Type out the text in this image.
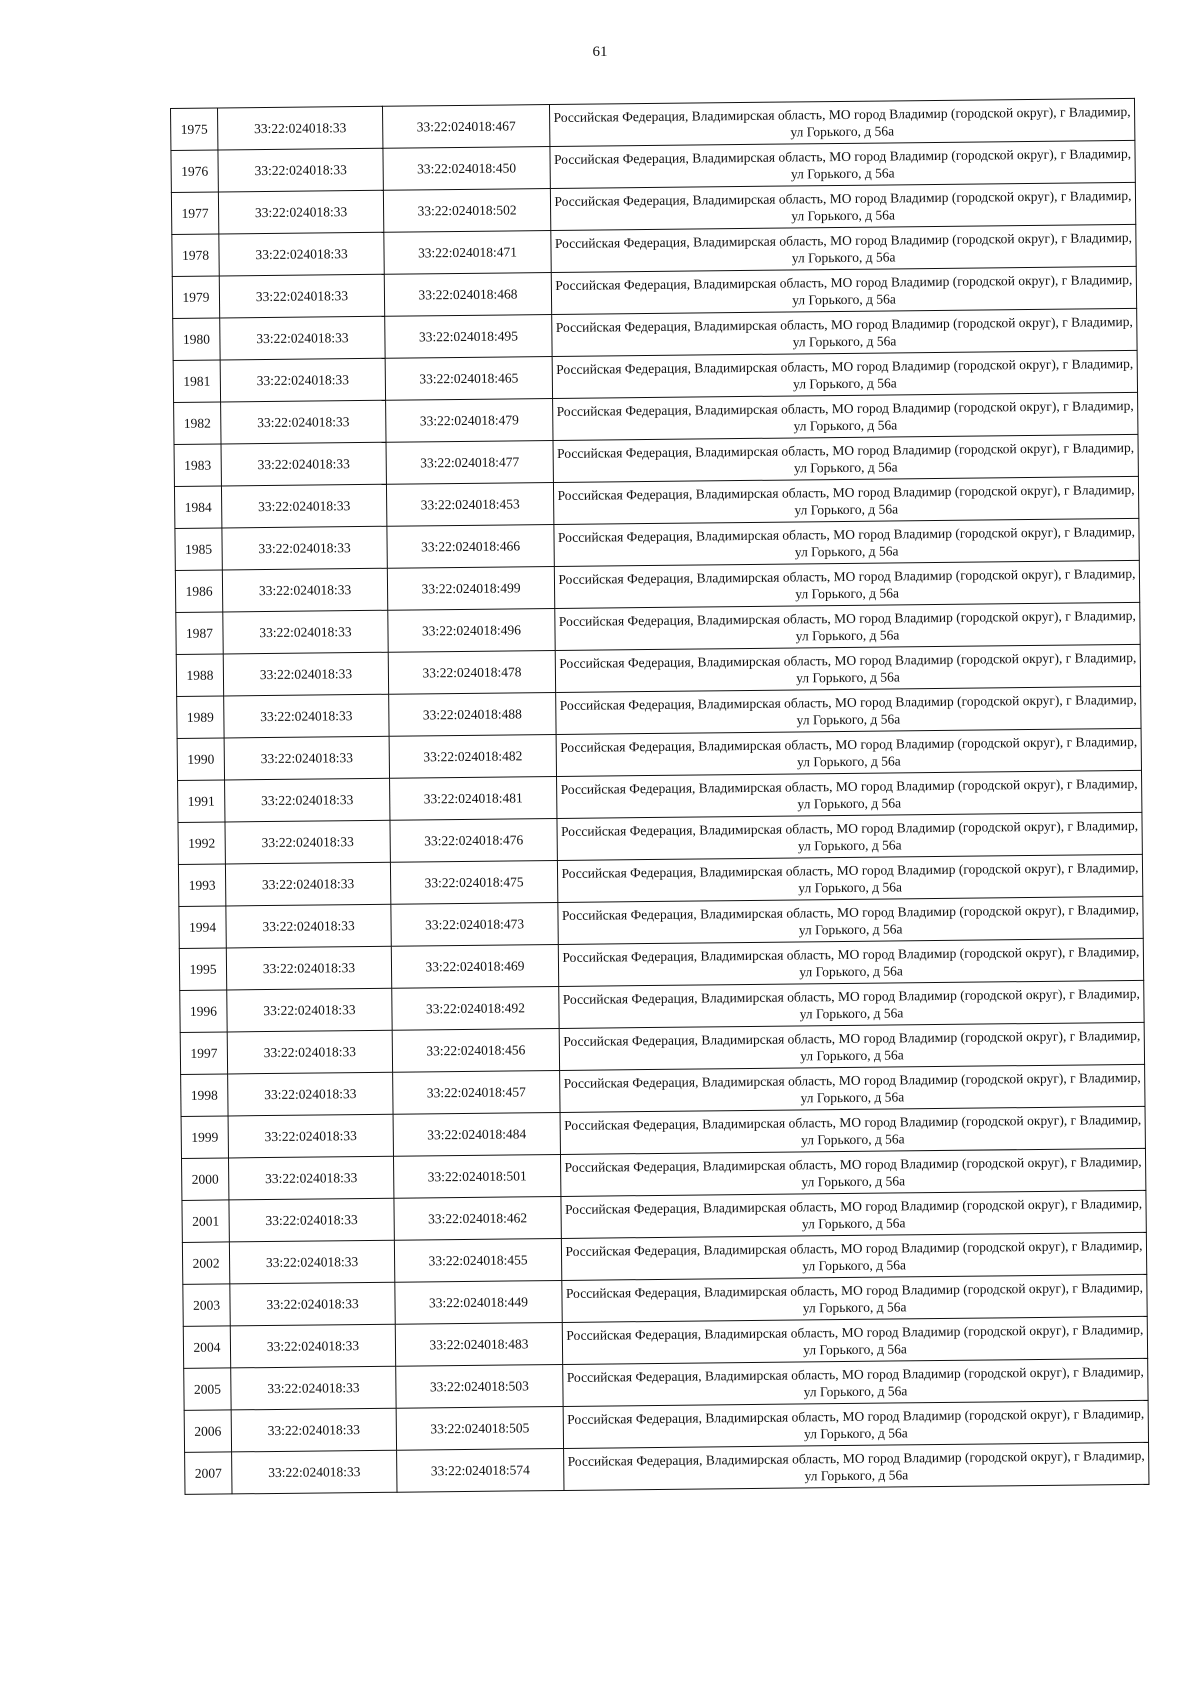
61
1975	33:22:024018:33	33:22:024018:467	Российская Федерация, Владимирская область, МО город Владимир (городской округ), г Владимир, ул Горького, д 56а
1976	33:22:024018:33	33:22:024018:450	Российская Федерация, Владимирская область, МО город Владимир (городской округ), г Владимир, ул Горького, д 56а
1977	33:22:024018:33	33:22:024018:502	Российская Федерация, Владимирская область, МО город Владимир (городской округ), г Владимир, ул Горького, д 56а
1978	33:22:024018:33	33:22:024018:471	Российская Федерация, Владимирская область, МО город Владимир (городской округ), г Владимир, ул Горького, д 56а
1979	33:22:024018:33	33:22:024018:468	Российская Федерация, Владимирская область, МО город Владимир (городской округ), г Владимир, ул Горького, д 56а
1980	33:22:024018:33	33:22:024018:495	Российская Федерация, Владимирская область, МО город Владимир (городской округ), г Владимир, ул Горького, д 56а
1981	33:22:024018:33	33:22:024018:465	Российская Федерация, Владимирская область, МО город Владимир (городской округ), г Владимир, ул Горького, д 56а
1982	33:22:024018:33	33:22:024018:479	Российская Федерация, Владимирская область, МО город Владимир (городской округ), г Владимир, ул Горького, д 56а
1983	33:22:024018:33	33:22:024018:477	Российская Федерация, Владимирская область, МО город Владимир (городской округ), г Владимир, ул Горького, д 56а
1984	33:22:024018:33	33:22:024018:453	Российская Федерация, Владимирская область, МО город Владимир (городской округ), г Владимир, ул Горького, д 56а
1985	33:22:024018:33	33:22:024018:466	Российская Федерация, Владимирская область, МО город Владимир (городской округ), г Владимир, ул Горького, д 56а
1986	33:22:024018:33	33:22:024018:499	Российская Федерация, Владимирская область, МО город Владимир (городской округ), г Владимир, ул Горького, д 56а
1987	33:22:024018:33	33:22:024018:496	Российская Федерация, Владимирская область, МО город Владимир (городской округ), г Владимир, ул Горького, д 56а
1988	33:22:024018:33	33:22:024018:478	Российская Федерация, Владимирская область, МО город Владимир (городской округ), г Владимир, ул Горького, д 56а
1989	33:22:024018:33	33:22:024018:488	Российская Федерация, Владимирская область, МО город Владимир (городской округ), г Владимир, ул Горького, д 56а
1990	33:22:024018:33	33:22:024018:482	Российская Федерация, Владимирская область, МО город Владимир (городской округ), г Владимир, ул Горького, д 56а
1991	33:22:024018:33	33:22:024018:481	Российская Федерация, Владимирская область, МО город Владимир (городской округ), г Владимир, ул Горького, д 56а
1992	33:22:024018:33	33:22:024018:476	Российская Федерация, Владимирская область, МО город Владимир (городской округ), г Владимир, ул Горького, д 56а
1993	33:22:024018:33	33:22:024018:475	Российская Федерация, Владимирская область, МО город Владимир (городской округ), г Владимир, ул Горького, д 56а
1994	33:22:024018:33	33:22:024018:473	Российская Федерация, Владимирская область, МО город Владимир (городской округ), г Владимир, ул Горького, д 56а
1995	33:22:024018:33	33:22:024018:469	Российская Федерация, Владимирская область, МО город Владимир (городской округ), г Владимир, ул Горького, д 56а
1996	33:22:024018:33	33:22:024018:492	Российская Федерация, Владимирская область, МО город Владимир (городской округ), г Владимир, ул Горького, д 56а
1997	33:22:024018:33	33:22:024018:456	Российская Федерация, Владимирская область, МО город Владимир (городской округ), г Владимир, ул Горького, д 56а
1998	33:22:024018:33	33:22:024018:457	Российская Федерация, Владимирская область, МО город Владимир (городской округ), г Владимир, ул Горького, д 56а
1999	33:22:024018:33	33:22:024018:484	Российская Федерация, Владимирская область, МО город Владимир (городской округ), г Владимир, ул Горького, д 56а
2000	33:22:024018:33	33:22:024018:501	Российская Федерация, Владимирская область, МО город Владимир (городской округ), г Владимир, ул Горького, д 56а
2001	33:22:024018:33	33:22:024018:462	Российская Федерация, Владимирская область, МО город Владимир (городской округ), г Владимир, ул Горького, д 56а
2002	33:22:024018:33	33:22:024018:455	Российская Федерация, Владимирская область, МО город Владимир (городской округ), г Владимир, ул Горького, д 56а
2003	33:22:024018:33	33:22:024018:449	Российская Федерация, Владимирская область, МО город Владимир (городской округ), г Владимир, ул Горького, д 56а
2004	33:22:024018:33	33:22:024018:483	Российская Федерация, Владимирская область, МО город Владимир (городской округ), г Владимир, ул Горького, д 56а
2005	33:22:024018:33	33:22:024018:503	Российская Федерация, Владимирская область, МО город Владимир (городской округ), г Владимир, ул Горького, д 56а
2006	33:22:024018:33	33:22:024018:505	Российская Федерация, Владимирская область, МО город Владимир (городской округ), г Владимир, ул Горького, д 56а
2007	33:22:024018:33	33:22:024018:574	Российская Федерация, Владимирская область, МО город Владимир (городской округ), г Владимир, ул Горького, д 56а
